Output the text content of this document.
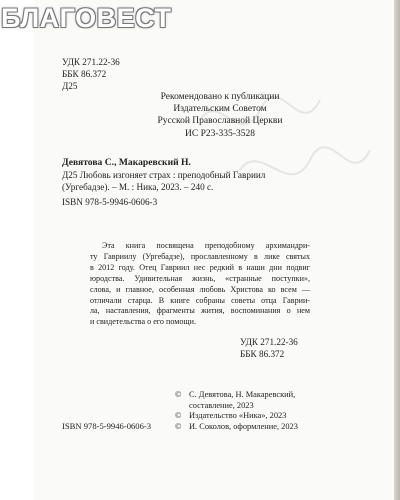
БЛАГОВЕСТ
УДК 271.22-36
ББК 86.372
Д25
Рекомендовано к публикации
Издательским Советом
Русской Православной Церкви
ИС Р23-335-3528
Девятова С., Макаревский Н.
Д25 Любовь изгоняет страх : преподобный Гавриил
(Ургебадзе). – М. : Ника, 2023. – 240 с.
ISBN 978-5-9946-0606-3
Эта книга посвящена преподобному архимандри-
ту Гавриилу (Ургебадзе), прославленному в лике святых
в 2012 году. Отец Гавриил нес редкий в наши дни подвиг
юродства. Удивительная жизнь, «странные поступки»,
слова, и главное, особенная любовь Христова ко всем —
отличали старца. В книге собраны советы отца Гаврии-
ла, наставления, фрагменты жития, воспоминания о нем
и свидетельства о его помощи.
УДК 271.22-36
ББК 86.372
ISBN 978-5-9946-0606-3
© С. Девятова, Н. Макаревский,
составление, 2023
© Издательство «Ника», 2023
© И. Соколов, оформление, 2023
